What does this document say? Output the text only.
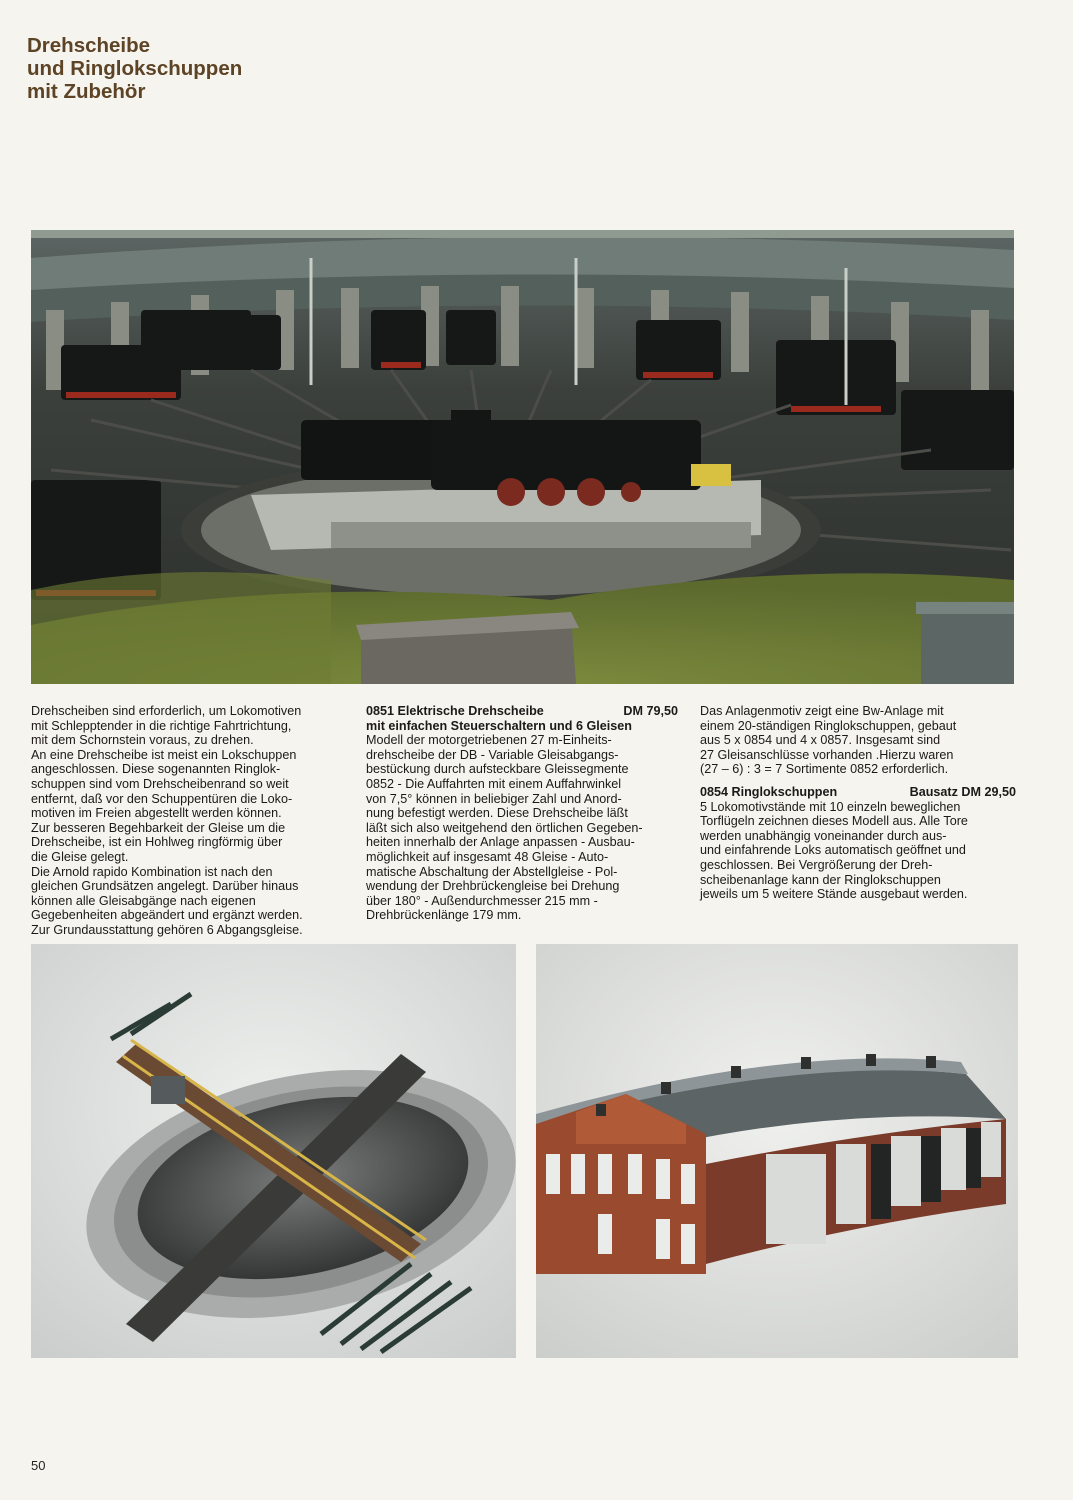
Drehscheibe
und Ringlokschuppen
mit Zubehör
Drehscheiben sind erforderlich, um Lokomotiven
mit Schlepptender in die richtige Fahrtrichtung,
mit dem Schornstein voraus, zu drehen.
An eine Drehscheibe ist meist ein Lokschuppen
angeschlossen. Diese sogenannten Ringlok-
schuppen sind vom Drehscheibenrand so weit
entfernt, daß vor den Schuppentüren die Loko-
motiven im Freien abgestellt werden können.
Zur besseren Begehbarkeit der Gleise um die
Drehscheibe, ist ein Hohlweg ringförmig über
die Gleise gelegt.
Die Arnold rapido Kombination ist nach den
gleichen Grundsätzen angelegt. Darüber hinaus
können alle Gleisabgänge nach eigenen
Gegebenheiten abgeändert und ergänzt werden.
Zur Grundausstattung gehören 6 Abgangsgleise.
0851 Elektrische Drehscheibe	DM 79,50
mit einfachen Steuerschaltern und 6 Gleisen
Modell der motorgetriebenen 27 m-Einheits-
drehscheibe der DB - Variable Gleisabgangs-
bestückung durch aufsteckbare Gleissegmente
0852 - Die Auffahrten mit einem Auffahrwinkel
von 7,5° können in beliebiger Zahl und Anord-
nung befestigt werden. Diese Drehscheibe läßt
läßt sich also weitgehend den örtlichen Gegeben-
heiten innerhalb der Anlage anpassen - Ausbau-
möglichkeit auf insgesamt 48 Gleise - Auto-
matische Abschaltung der Abstellgleise - Pol-
wendung der Drehbrückengleise bei Drehung
über 180° - Außendurchmesser 215 mm -
Drehbrückenlänge 179 mm.
Das Anlagenmotiv zeigt eine Bw-Anlage mit
einem 20-ständigen Ringlokschuppen, gebaut
aus 5 x 0854 und 4 x 0857. Insgesamt sind
27 Gleisanschlüsse vorhanden .Hierzu waren
(27 – 6) : 3 = 7 Sortimente 0852 erforderlich.
0854 Ringlokschuppen	Bausatz DM 29,50
5 Lokomotivstände mit 10 einzeln beweglichen
Torflügeln zeichnen dieses Modell aus. Alle Tore
werden unabhängig voneinander durch aus-
und einfahrende Loks automatisch geöffnet und
geschlossen. Bei Vergrößerung der Dreh-
scheibenanlage kann der Ringlokschuppen
jeweils um 5 weitere Stände ausgebaut werden.
50
